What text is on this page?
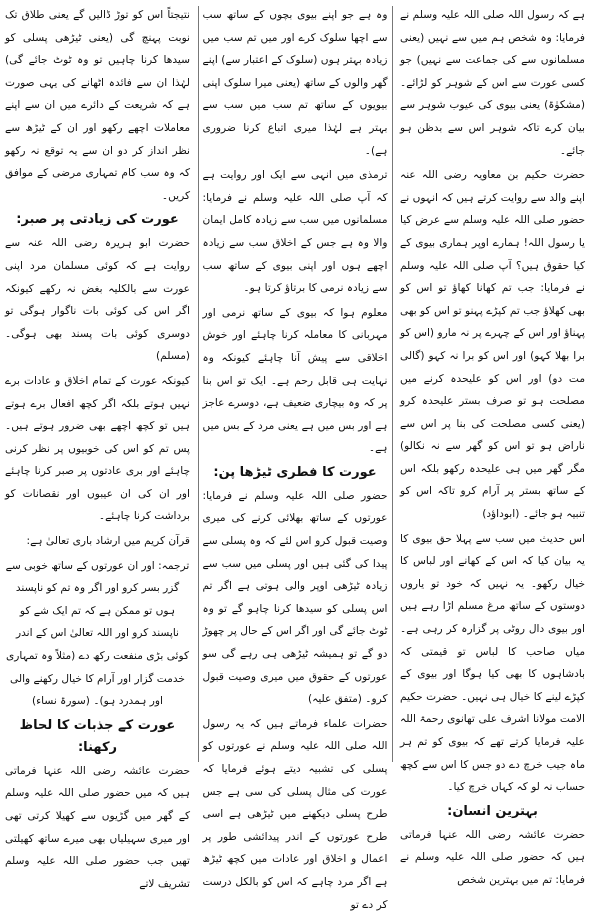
ہے کہ رسول اللہ صلی اللہ علیہ وسلم نے فرمایا: وہ شخص ہم میں سے نہیں (یعنی مسلمانوں سے کی جماعت سے نہیں) جو کسی عورت سے اس کے شوہر کو لڑائے۔ (مشکوٰۃ) یعنی بیوی کی عیوب شوہر سے بیان کرے تاکہ شوہر اس سے بدظن ہو جائے۔

حضرت حکیم بن معاویہ رضی اللہ عنہ اپنے والد سے روایت کرتے ہیں کہ انہوں نے حضور صلی اللہ علیہ وسلم سے عرض کیا یا رسول اللہ! ہمارے اوپر ہماری بیوی کے کیا حقوق ہیں؟ آپ صلی اللہ علیہ وسلم نے فرمایا: جب تم کھانا کھاؤ تو اس کو بھی کھلاؤ جب تم کپڑے پہنو تو اس کو بھی پہناؤ اور اس کے چہرے پر نہ مارو (اس کو برا بھلا کہو) اور اس کو برا نہ کہو (گالی مت دو) اور اس کو علیحدہ کرنے میں مصلحت ہو تو صرف بستر علیحدہ کرو (یعنی کسی مصلحت کی بنا پر اس سے ناراض ہو تو اس کو گھر سے نہ نکالو) مگر گھر میں ہی علیحدہ رکھو بلکہ اس کے ساتھ بستر پر آرام کرو تاکہ اس کو تنبیہ ہو جائے۔ (ابوداؤد)

اس حدیث میں سب سے پہلا حق بیوی کا یہ بیان کیا کہ اس کے کھانے اور لباس کا خیال رکھو۔ یہ نہیں کہ خود تو یاروں دوستوں کے ساتھ مرغ مسلم اڑا رہے ہیں اور بیوی دال روٹی پر گزارہ کر رہی ہے۔ میاں صاحب کا لباس تو قیمتی کہ بادشاہوں کا بھی کیا ہوگا اور بیوی کے کپڑے لینے کا خیال ہی نہیں۔ حضرت حکیم الامت مولانا اشرف علی تھانوی رحمۃ اللہ علیہ فرمایا کرتے تھے کہ بیوی کو تم ہر ماہ جیب خرچ دے دو جس کا اس سے کچھ حساب نہ لو کہ کہاں خرچ کیا۔

بہترین انسان:

حضرت عائشہ رضی اللہ عنہا فرماتی ہیں کہ حضور صلی اللہ علیہ وسلم نے فرمایا: تم میں بہترین شخص

وہ ہے جو اپنے بیوی بچوں کے ساتھ سب سے اچھا سلوک کرے اور میں تم سب میں زیادہ بہتر ہوں (سلوک کے اعتبار سے) اپنے گھر والوں کے ساتھ (یعنی میرا سلوک اپنی بیویوں کے ساتھ تم سب میں سب سے بہتر ہے لہٰذا میری اتباع کرنا ضروری ہے)۔

ترمذی میں انہی سے ایک اور روایت ہے کہ آپ صلی اللہ علیہ وسلم نے فرمایا: مسلمانوں میں سب سے زیادہ کامل ایمان والا وہ ہے جس کے اخلاق سب سے زیادہ اچھے ہوں اور اپنی بیوی کے ساتھ سب سے زیادہ نرمی کا برتاؤ کرتا ہو۔

معلوم ہوا کہ بیوی کے ساتھ نرمی اور مہربانی کا معاملہ کرنا چاہئے اور خوش اخلاقی سے پیش آنا چاہئے کیونکہ وہ نہایت ہی قابل رحم ہے۔ ایک تو اس بنا پر کہ وہ بیچاری ضعیف ہے، دوسرے عاجز ہے اور بس میں ہے یعنی مرد کے بس میں ہے۔

عورت کا فطری ٹیڑھا پن:

حضور صلی اللہ علیہ وسلم نے فرمایا: عورتوں کے ساتھ بھلائی کرنے کی میری وصیت قبول کرو اس لئے کہ وہ پسلی سے پیدا کی گئی ہیں اور پسلی میں سب سے زیادہ ٹیڑھی اوپر والی ہوتی ہے اگر تم اس پسلی کو سیدھا کرنا چاہو گے تو وہ ٹوٹ جائے گی اور اگر اس کے حال پر چھوڑ دو گے تو ہمیشہ ٹیڑھی ہی رہے گی سو عورتوں کے حقوق میں میری وصیت قبول کرو۔ (متفق علیہ)

حضرات علماء فرماتے ہیں کہ یہ رسول اللہ صلی اللہ علیہ وسلم نے عورتوں کو پسلی کی تشبیہ دیتے ہوئے فرمایا کہ عورت کی مثال پسلی کی سی ہے جس طرح پسلی دیکھنے میں ٹیڑھی ہے اسی طرح عورتوں کے اندر پیدائشی طور پر اعمال و اخلاق اور عادات میں کچھ ٹیڑھ ہے اگر مرد چاہے کہ اس کو بالکل درست کر دے تو

نتیجتاً اس کو توڑ ڈالیں گے یعنی طلاق تک نوبت پہنچ گی (یعنی ٹیڑھی پسلی کو سیدھا کرنا چاہیں تو وہ ٹوٹ جائے گی) لہٰذا ان سے فائدہ اٹھانے کی یہی صورت ہے کہ شریعت کے دائرے میں ان سے اپنے معاملات اچھے رکھو اور ان کے ٹیڑھ سے نظر انداز کر دو ان سے یہ توقع نہ رکھو کہ وہ سب کام تمہاری مرضی کے موافق کریں۔

عورت کی زیادتی پر صبر:

حضرت ابو ہریرہ رضی اللہ عنہ سے روایت ہے کہ کوئی مسلمان مرد اپنی عورت سے بالکلیہ بغض نہ رکھے کیونکہ اگر اس کی کوئی بات ناگوار ہوگی تو دوسری کوئی بات پسند بھی ہوگی۔ (مسلم)

کیونکہ عورت کے تمام اخلاق و عادات برے نہیں ہوتے بلکہ اگر کچھ افعال برے ہوتے ہیں تو کچھ اچھے بھی ضرور ہوتے ہیں۔ پس تم کو اس کی خوبیوں پر نظر کرنی چاہئے اور بری عادتوں پر صبر کرنا چاہئے اور ان کی ان عیبوں اور نقصانات کو برداشت کرنا چاہئے۔

قرآن کریم میں ارشاد باری تعالیٰ ہے:

ترجمہ: اور ان عورتوں کے ساتھ خوبی سے گزر بسر کرو اور اگر وہ تم کو ناپسند ہوں تو ممکن ہے کہ تم ایک شے کو ناپسند کرو اور اللہ تعالیٰ اس کے اندر کوئی بڑی منفعت رکھ دے (مثلاً وہ تمہاری خدمت گزار اور آرام کا خیال رکھنے والی اور ہمدرد ہو)۔ (سورۃ نساء)

عورت کے جذبات کا لحاظ رکھنا:

حضرت عائشہ رضی اللہ عنہا فرماتی ہیں کہ میں حضور صلی اللہ علیہ وسلم کے گھر میں گڑیوں سے کھیلا کرتی تھی اور میری سہیلیاں بھی میرے ساتھ کھیلتی تھیں جب حضور صلی اللہ علیہ وسلم تشریف لاتے
